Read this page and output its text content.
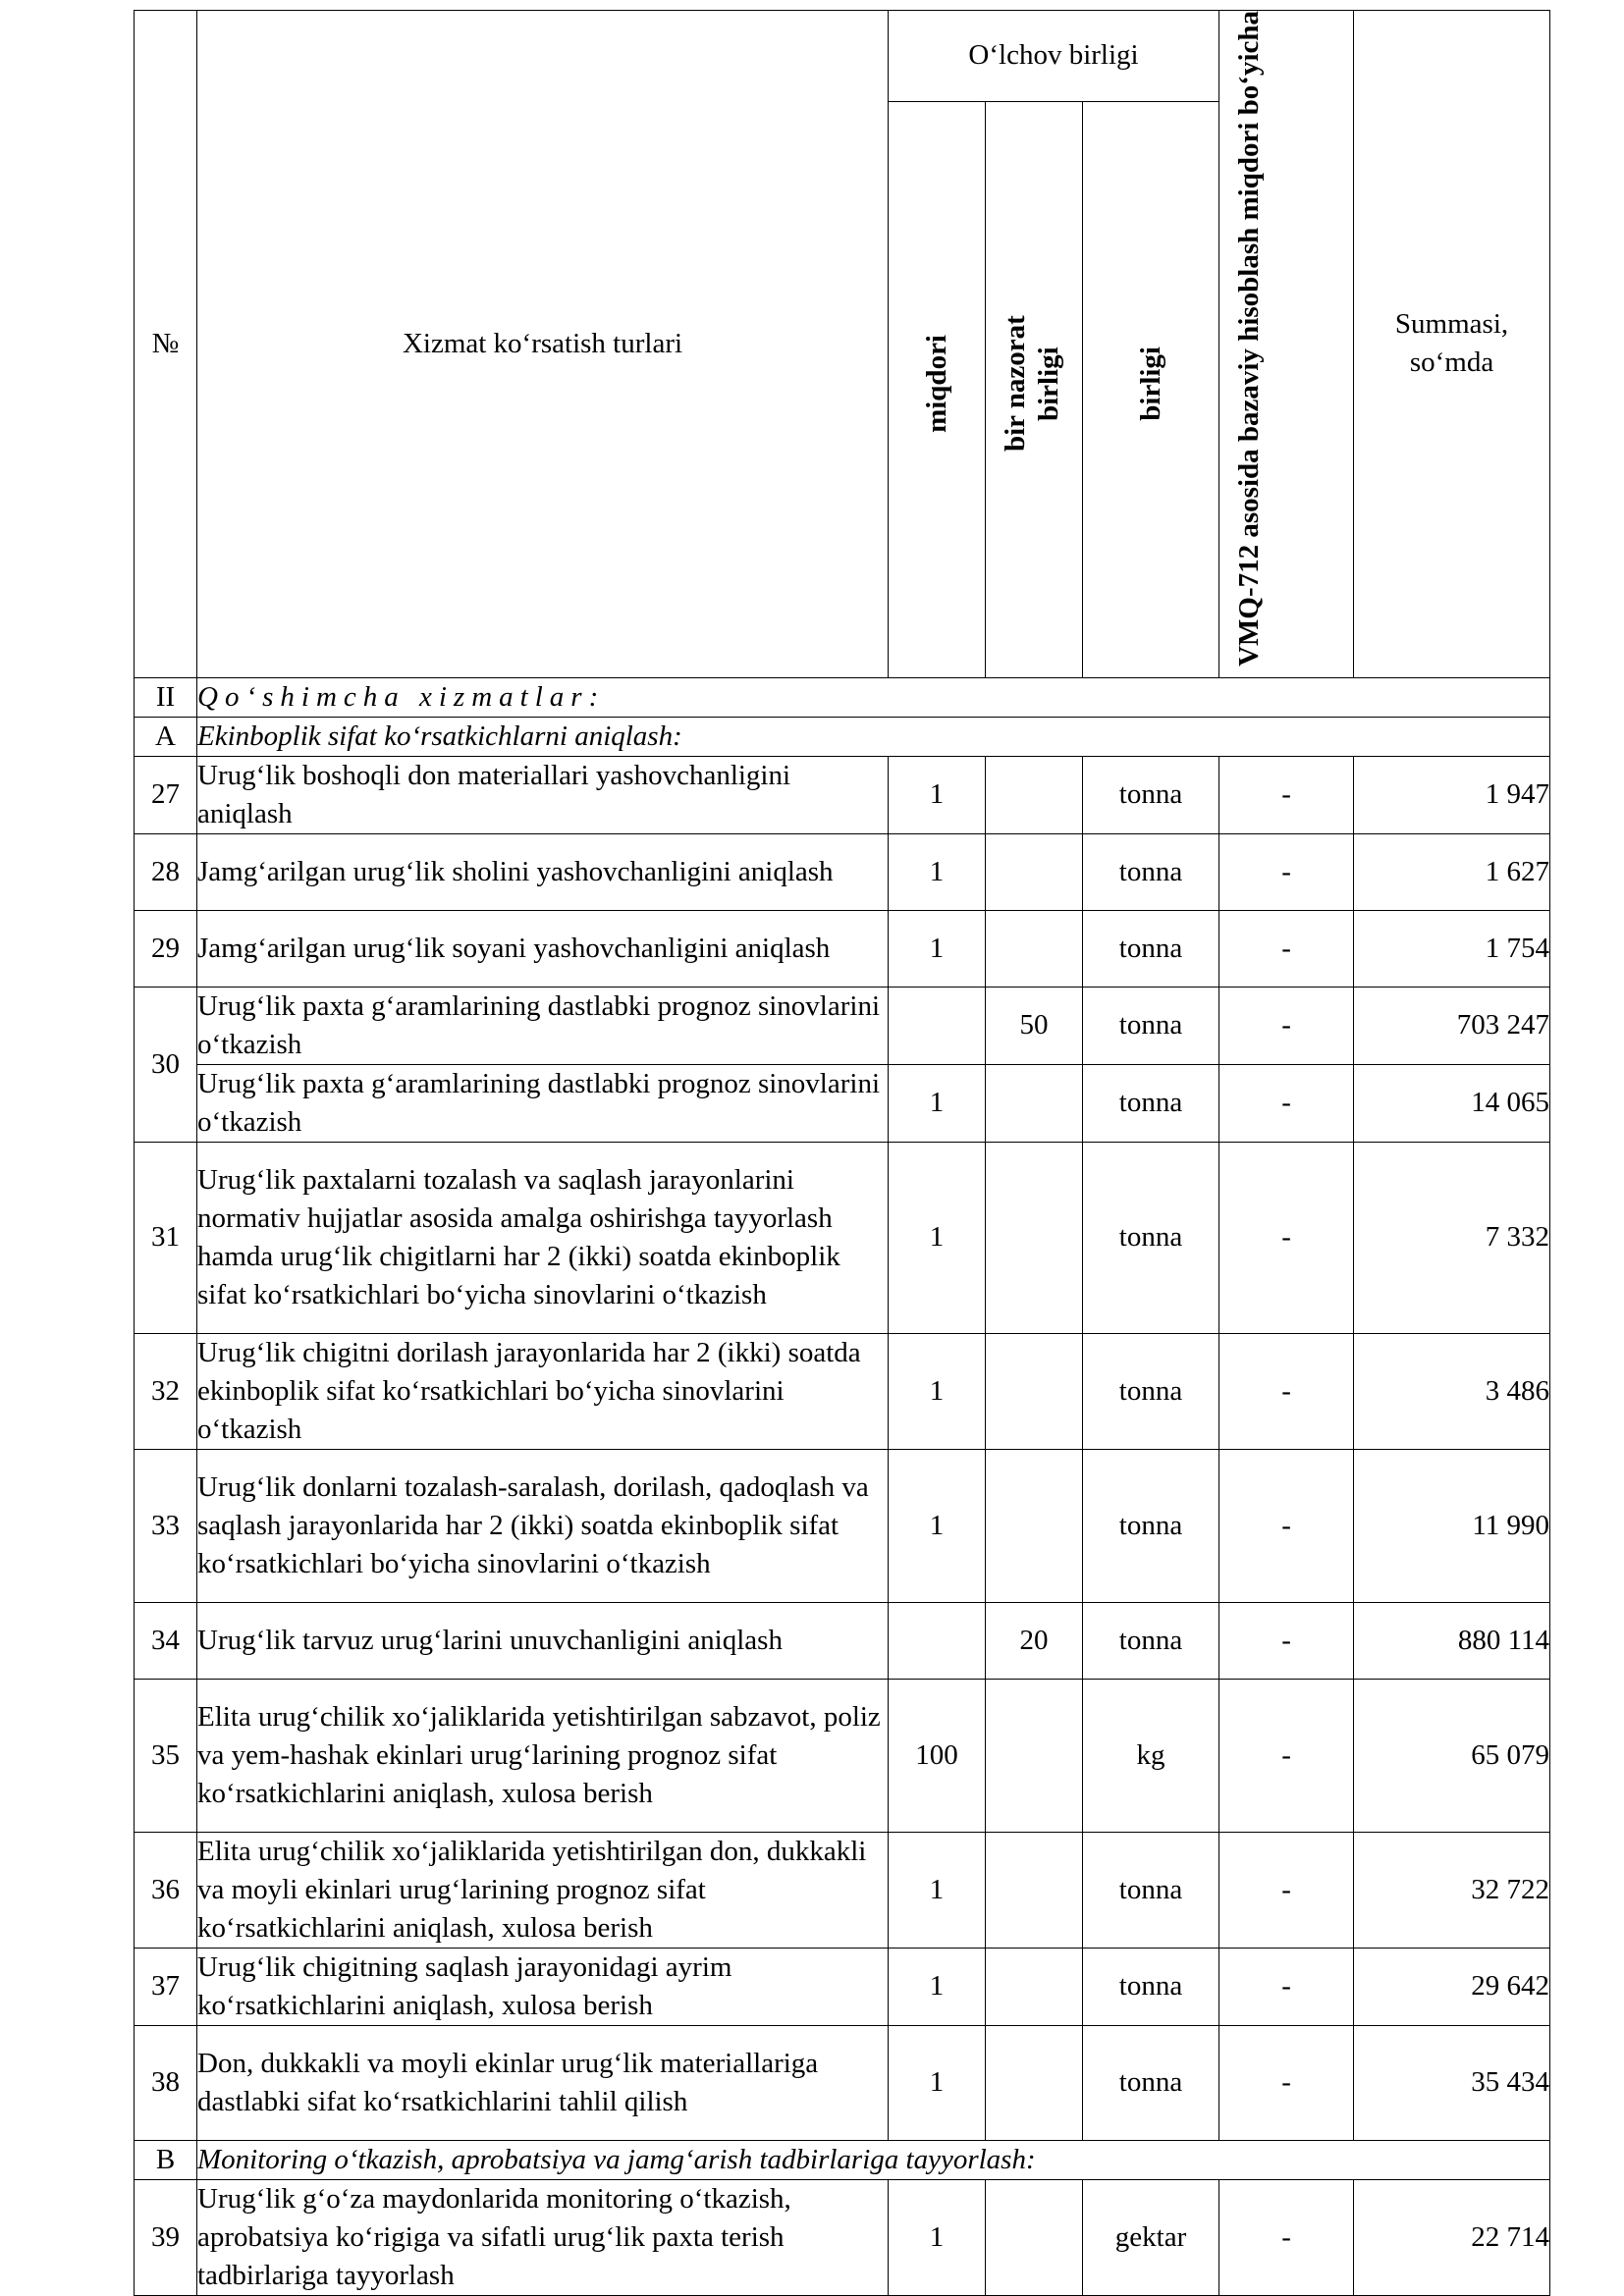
№	Xizmat ko‘rsatish turlari	O‘lchov birligi			VMQ-712 asosida bazaviy hisoblash miqdori bo‘yicha	Summasi, so‘mda
		miqdori	bir nazorat birligi	birligi		
II	Qo‘shimcha xizmatlar:					
A	Ekinboplik sifat ko‘rsatkichlarni aniqlash:					
27	Urug‘lik boshoqli don materiallari yashovchanligini aniqlash	1		tonna	-	1 947
28	Jamg‘arilgan urug‘lik sholini yashovchanligini aniqlash	1		tonna	-	1 627
29	Jamg‘arilgan urug‘lik soyani yashovchanligini aniqlash	1		tonna	-	1 754
30	Urug‘lik paxta g‘aramlarining dastlabki prognoz sinovlarini o‘tkazish		50	tonna	-	703 247
	Urug‘lik paxta g‘aramlarining dastlabki prognoz sinovlarini o‘tkazish	1		tonna	-	14 065
31	Urug‘lik paxtalarni tozalash va saqlash jarayonlarini normativ hujjatlar asosida amalga oshirishga tayyorlash hamda urug‘lik chigitlarni har 2 (ikki) soatda ekinboplik sifat ko‘rsatkichlari bo‘yicha sinovlarini o‘tkazish	1		tonna	-	7 332
32	Urug‘lik chigitni dorilash jarayonlarida har 2 (ikki) soatda ekinboplik sifat ko‘rsatkichlari bo‘yicha sinovlarini o‘tkazish	1		tonna	-	3 486
33	Urug‘lik donlarni tozalash-saralash, dorilash, qadoqlash va saqlash jarayonlarida har 2 (ikki) soatda ekinboplik sifat ko‘rsatkichlari bo‘yicha sinovlarini o‘tkazish	1		tonna	-	11 990
34	Urug‘lik tarvuz urug‘larini unuvchanligini aniqlash		20	tonna	-	880 114
35	Elita urug‘chilik xo‘jaliklarida yetishtirilgan sabzavot, poliz va yem-hashak ekinlari urug‘larining prognoz sifat ko‘rsatkichlarini aniqlash, xulosa berish	100		kg	-	65 079
36	Elita urug‘chilik xo‘jaliklarida yetishtirilgan don, dukkakli va moyli ekinlari urug‘larining prognoz sifat ko‘rsatkichlarini aniqlash, xulosa berish	1		tonna	-	32 722
37	Urug‘lik chigitning saqlash jarayonidagi ayrim ko‘rsatkichlarini aniqlash, xulosa berish	1		tonna	-	29 642
38	Don, dukkakli va moyli ekinlar urug‘lik materiallariga dastlabki sifat ko‘rsatkichlarini tahlil qilish	1		tonna	-	35 434
B	Monitoring o‘tkazish, aprobatsiya va jamg‘arish tadbirlariga tayyorlash:					
39	Urug‘lik g‘o‘za maydonlarida monitoring o‘tkazish, aprobatsiya ko‘rigiga va sifatli urug‘lik paxta terish tadbirlariga tayyorlash	1		gektar	-	22 714
